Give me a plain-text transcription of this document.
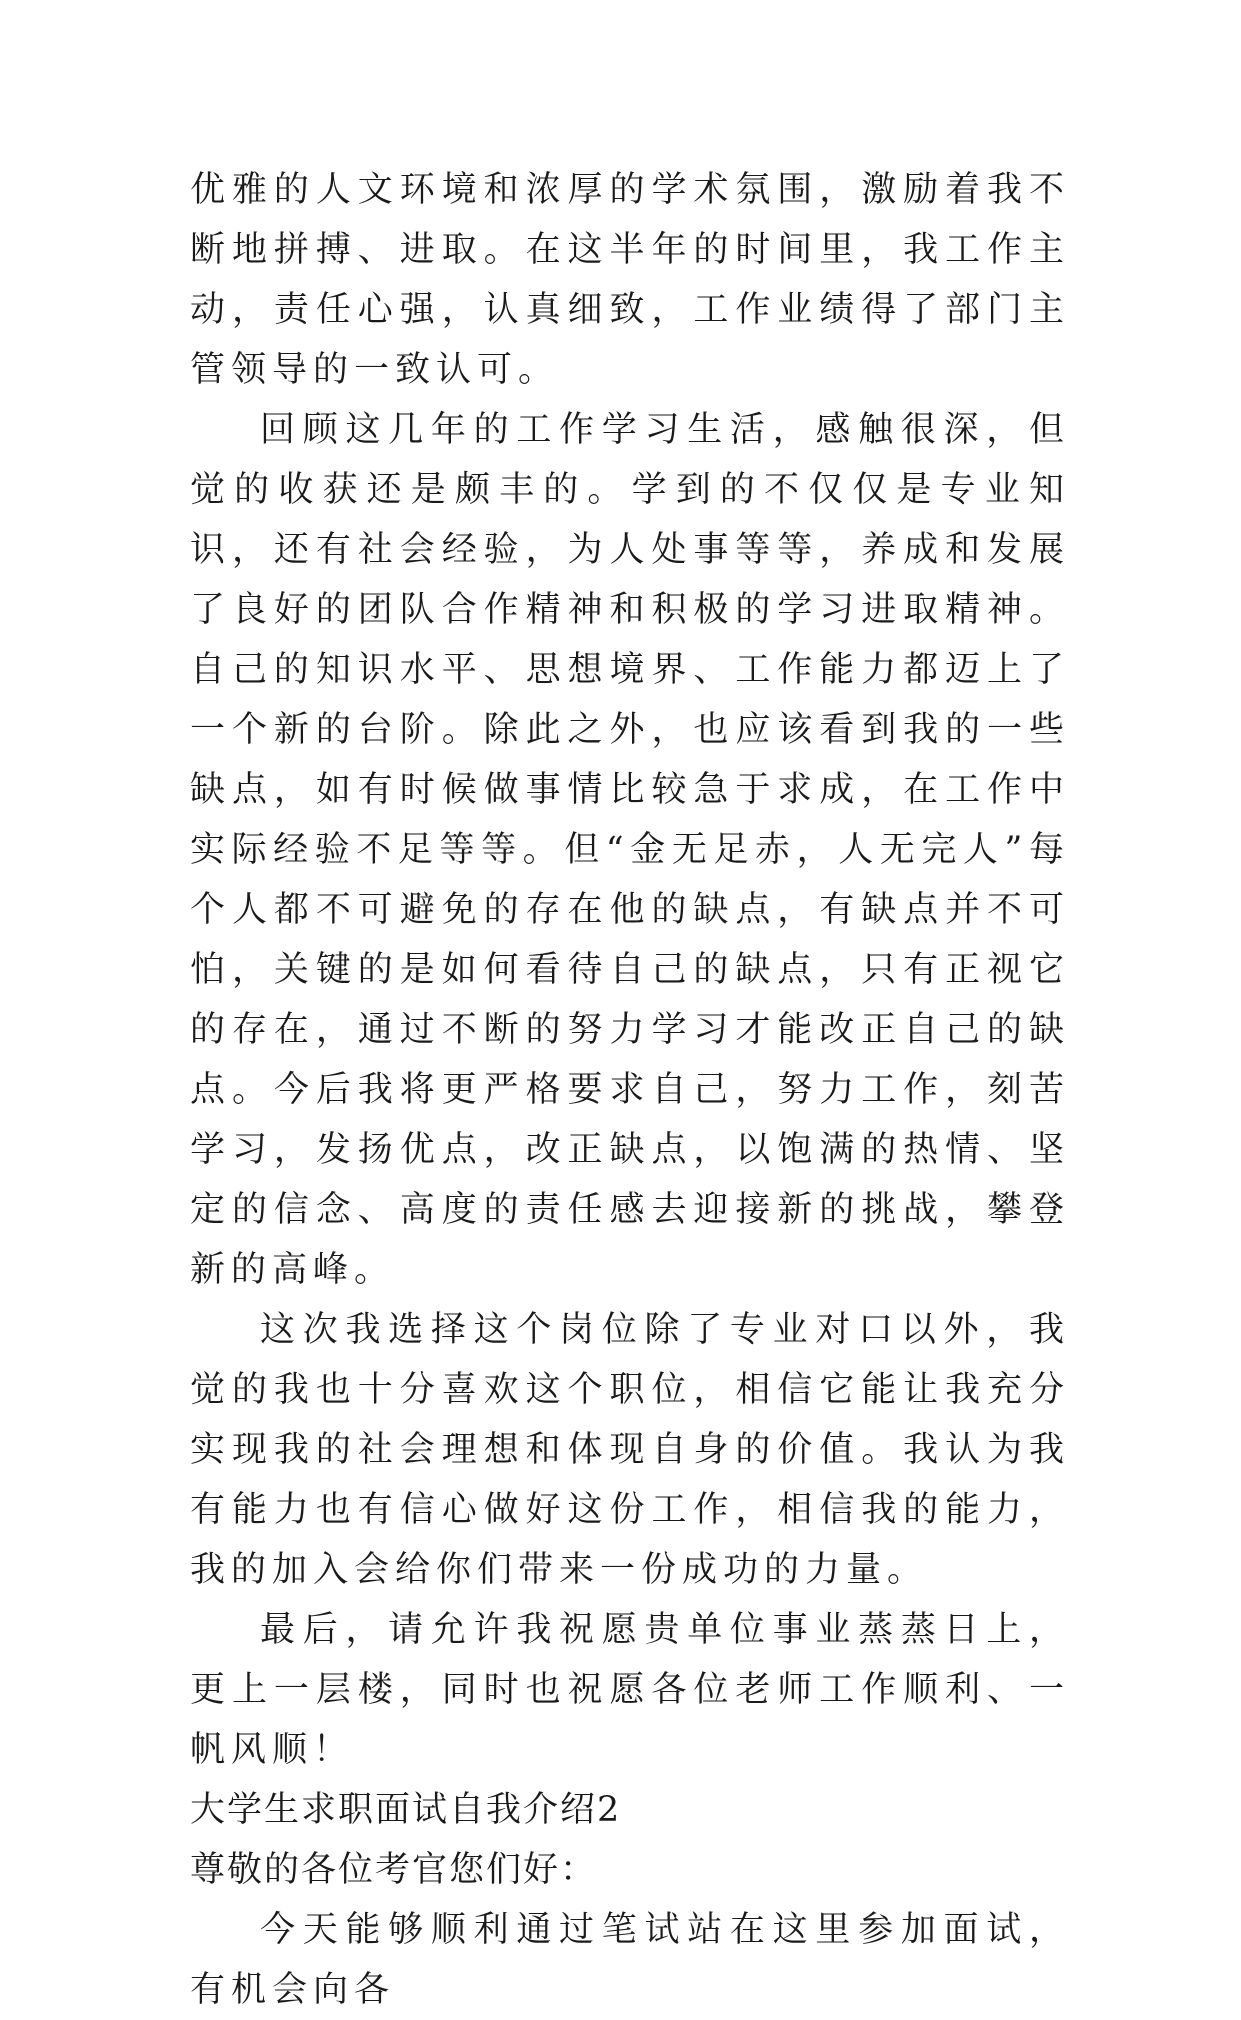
优雅的人文环境和浓厚的学术氛围，激励着我不断地拼搏、进取。在这半年的时间里，我工作主动，责任心强，认真细致，工作业绩得了部门主管领导的一致认可。

回顾这几年的工作学习生活，感触很深，但觉的收获还是颇丰的。学到的不仅仅是专业知识，还有社会经验，为人处事等等，养成和发展了良好的团队合作精神和积极的学习进取精神。自己的知识水平、思想境界、工作能力都迈上了一个新的台阶。除此之外，也应该看到我的一些缺点，如有时候做事情比较急于求成，在工作中实际经验不足等等。但“金无足赤，人无完人”每个人都不可避免的存在他的缺点，有缺点并不可怕，关键的是如何看待自己的缺点，只有正视它的存在，通过不断的努力学习才能改正自己的缺点。今后我将更严格要求自己，努力工作，刻苦学习，发扬优点，改正缺点，以饱满的热情、坚定的信念、高度的责任感去迎接新的挑战，攀登新的高峰。

这次我选择这个岗位除了专业对口以外，我觉的我也十分喜欢这个职位，相信它能让我充分实现我的社会理想和体现自身的价值。我认为我有能力也有信心做好这份工作，相信我的能力，我的加入会给你们带来一份成功的力量。

最后，请允许我祝愿贵单位事业蒸蒸日上，更上一层楼，同时也祝愿各位老师工作顺利、一帆风顺！

大学生求职面试自我介绍2

尊敬的各位考官您们好：

今天能够顺利通过笔试站在这里参加面试，有机会向各
